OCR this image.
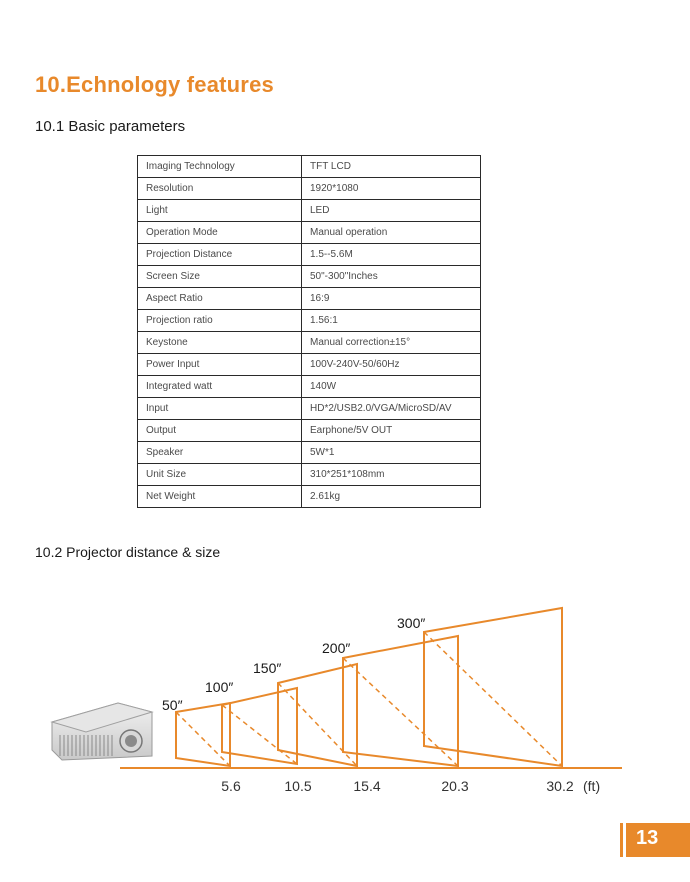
10.Echnology features
10.1 Basic parameters
Imaging Technology	TFT LCD
Resolution	1920*1080
Light	LED
Operation Mode	Manual operation
Projection Distance	1.5--5.6M
Screen Size	50"-300"Inches
Aspect Ratio	16:9
Projection ratio	1.56:1
Keystone	Manual correction±15°
Power Input	100V-240V-50/60Hz
Integrated watt	140W
Input	HD*2/USB2.0/VGA/MicroSD/AV
Output	Earphone/5V OUT
Speaker	5W*1
Unit Size	310*251*108mm
Net Weight	2.61kg
10.2 Projector distance & size
50″
100″
150″
200″
300″
5.6	10.5	15.4	20.3	30.2 (ft)
13
